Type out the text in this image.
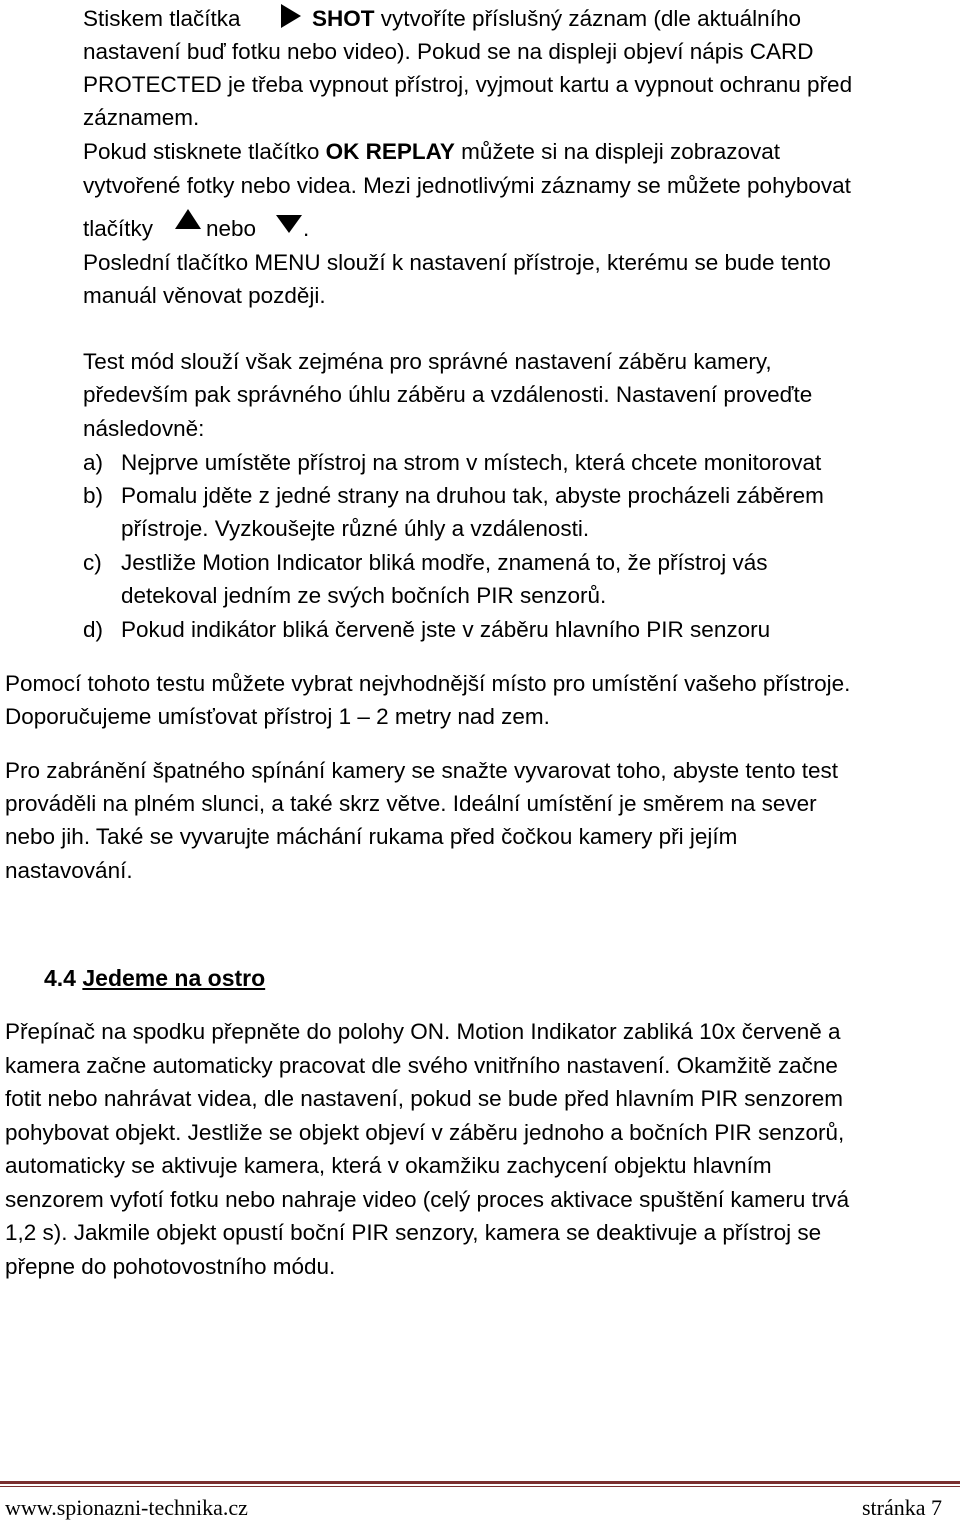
Stiskem tlačítka	SHOT vytvoříte příslušný záznam (dle aktuálního
nastavení buď fotku nebo video). Pokud se na displeji objeví nápis CARD
PROTECTED je třeba vypnout přístroj, vyjmout kartu a vypnout ochranu před
záznamem.
Pokud stisknete tlačítko OK REPLAY můžete si na displeji zobrazovat
vytvořené fotky nebo videa. Mezi jednotlivými záznamy se můžete pohybovat
tlačítky nebo .
Poslední tlačítko MENU slouží k nastavení přístroje, kterému se bude tento
manuál věnovat později.
Test mód slouží však zejména pro správné nastavení záběru kamery,
především pak správného úhlu záběru a vzdálenosti. Nastavení proveďte
následovně:
a) Nejprve umístěte přístroj na strom v místech, která chcete monitorovat
b) Pomalu jděte z jedné strany na druhou tak, abyste procházeli záběrem
přístroje. Vyzkoušejte různé úhly a vzdálenosti.
c) Jestliže Motion Indicator bliká modře, znamená to, že přístroj vás
detekoval jedním ze svých bočních PIR senzorů.
d) Pokud indikátor bliká červeně jste v záběru hlavního PIR senzoru
Pomocí tohoto testu můžete vybrat nejvhodnější místo pro umístění vašeho přístroje.
Doporučujeme umísťovat přístroj 1 – 2 metry nad zem.
Pro zabránění špatného spínání kamery se snažte vyvarovat toho, abyste tento test
prováděli na plném slunci, a také skrz větve. Ideální umístění je směrem na sever
nebo jih. Také se vyvarujte máchání rukama před čočkou kamery při jejím
nastavování.
4.4 Jedeme na ostro
Přepínač na spodku přepněte do polohy ON. Motion Indikator zabliká 10x červeně a
kamera začne automaticky pracovat dle svého vnitřního nastavení. Okamžitě začne
fotit nebo nahrávat videa, dle nastavení, pokud se bude před hlavním PIR senzorem
pohybovat objekt. Jestliže se objekt objeví v záběru jednoho a bočních PIR senzorů,
automaticky se aktivuje kamera, která v okamžiku zachycení objektu hlavním
senzorem vyfotí fotku nebo nahraje video (celý proces aktivace spuštění kameru trvá
1,2 s). Jakmile objekt opustí boční PIR senzory, kamera se deaktivuje a přístroj se
přepne do pohotovostního módu.
www.spionazni-technika.cz	stránka 7
